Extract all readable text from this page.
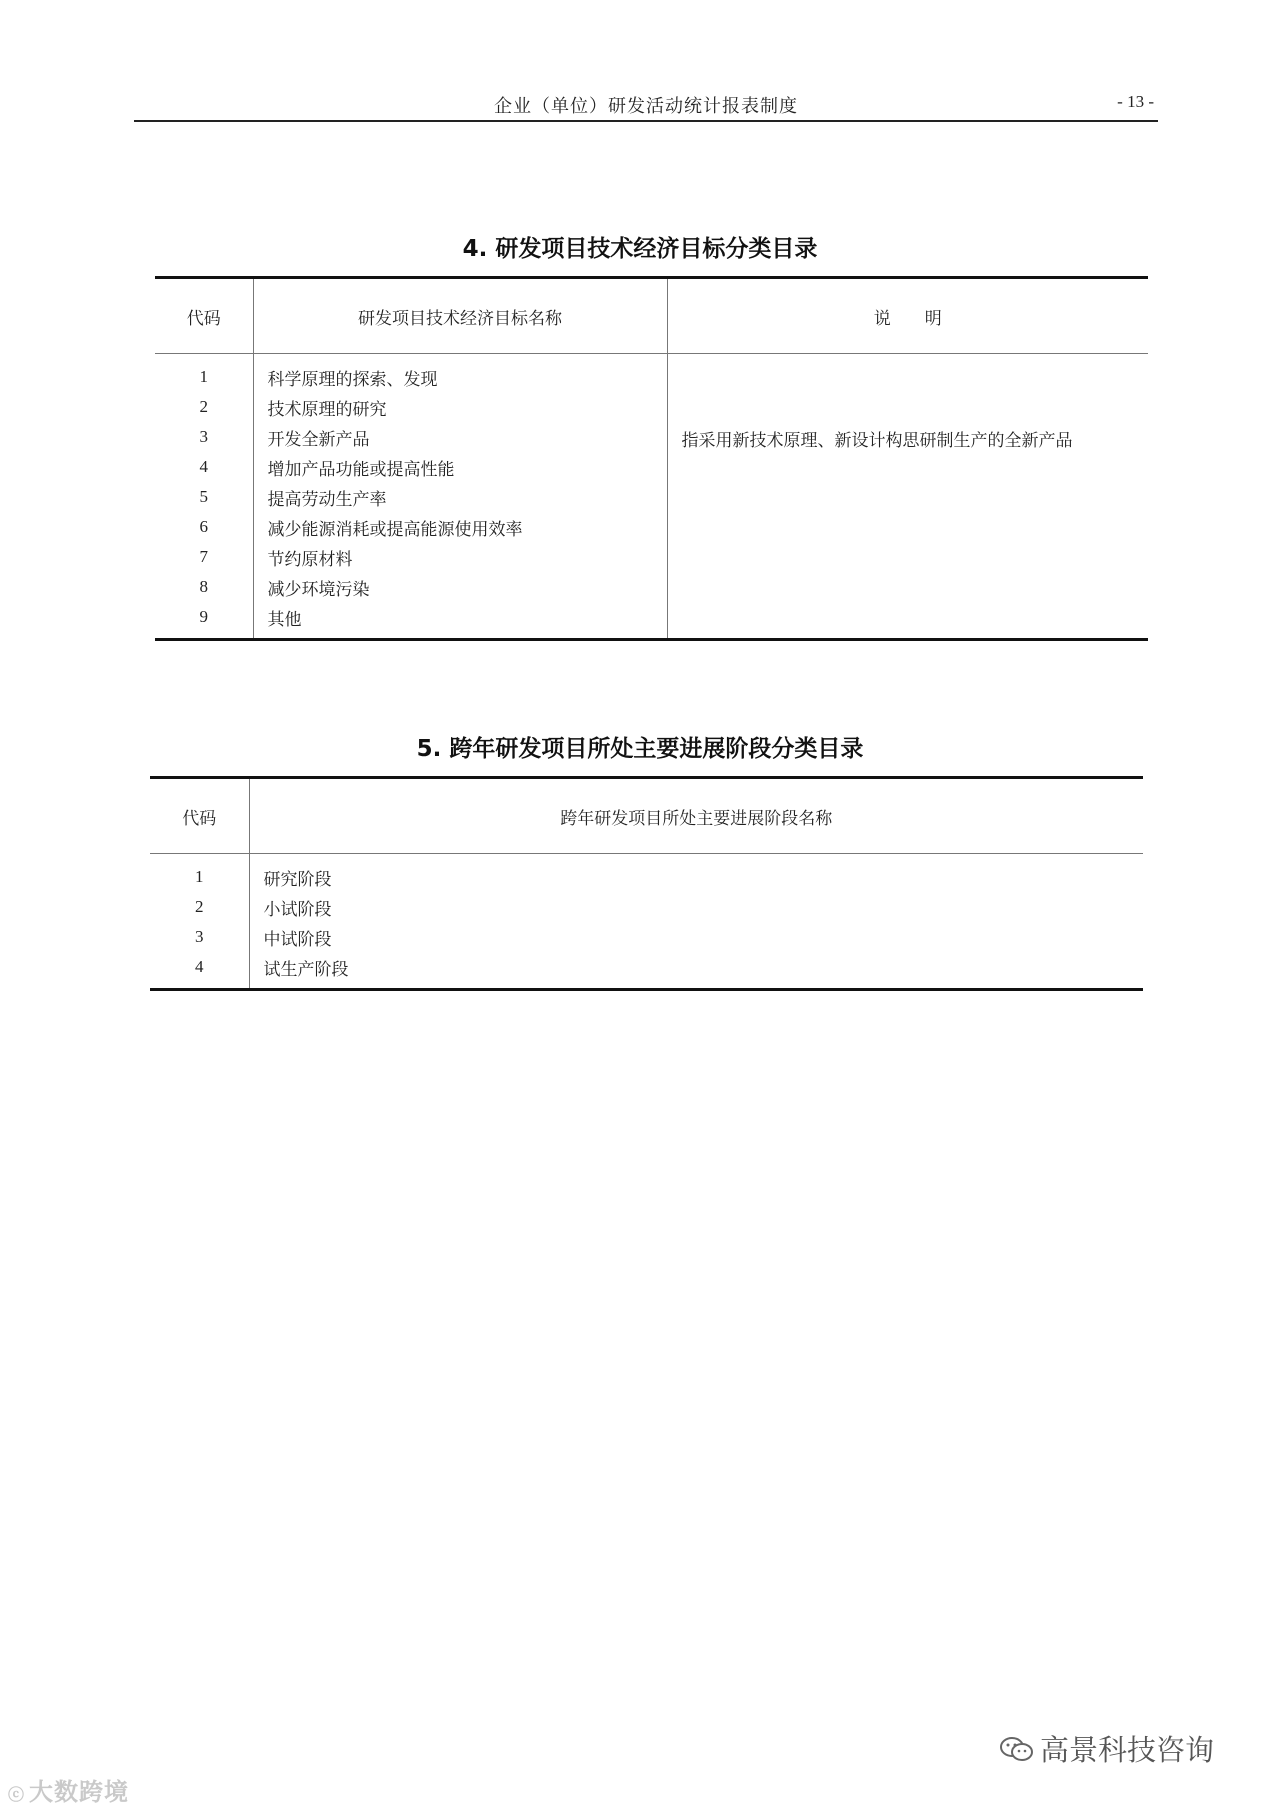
企业（单位）研发活动统计报表制度	- 13 -
4. 研发项目技术经济目标分类目录
代码	研发项目技术经济目标名称	说　　明
1	科学原理的探索、发现	指采用新技术原理、新设计构思研制生产的全新产品
2	技术原理的研究	
3	开发全新产品	
4	增加产品功能或提高性能	
5	提高劳动生产率	
6	减少能源消耗或提高能源使用效率	
7	节约原材料	
8	减少环境污染	
9	其他	
5. 跨年研发项目所处主要进展阶段分类目录
代码	跨年研发项目所处主要进展阶段名称
1	研究阶段
2	小试阶段
3	中试阶段
4	试生产阶段
ⓒ 大数跨境
高景科技咨询
